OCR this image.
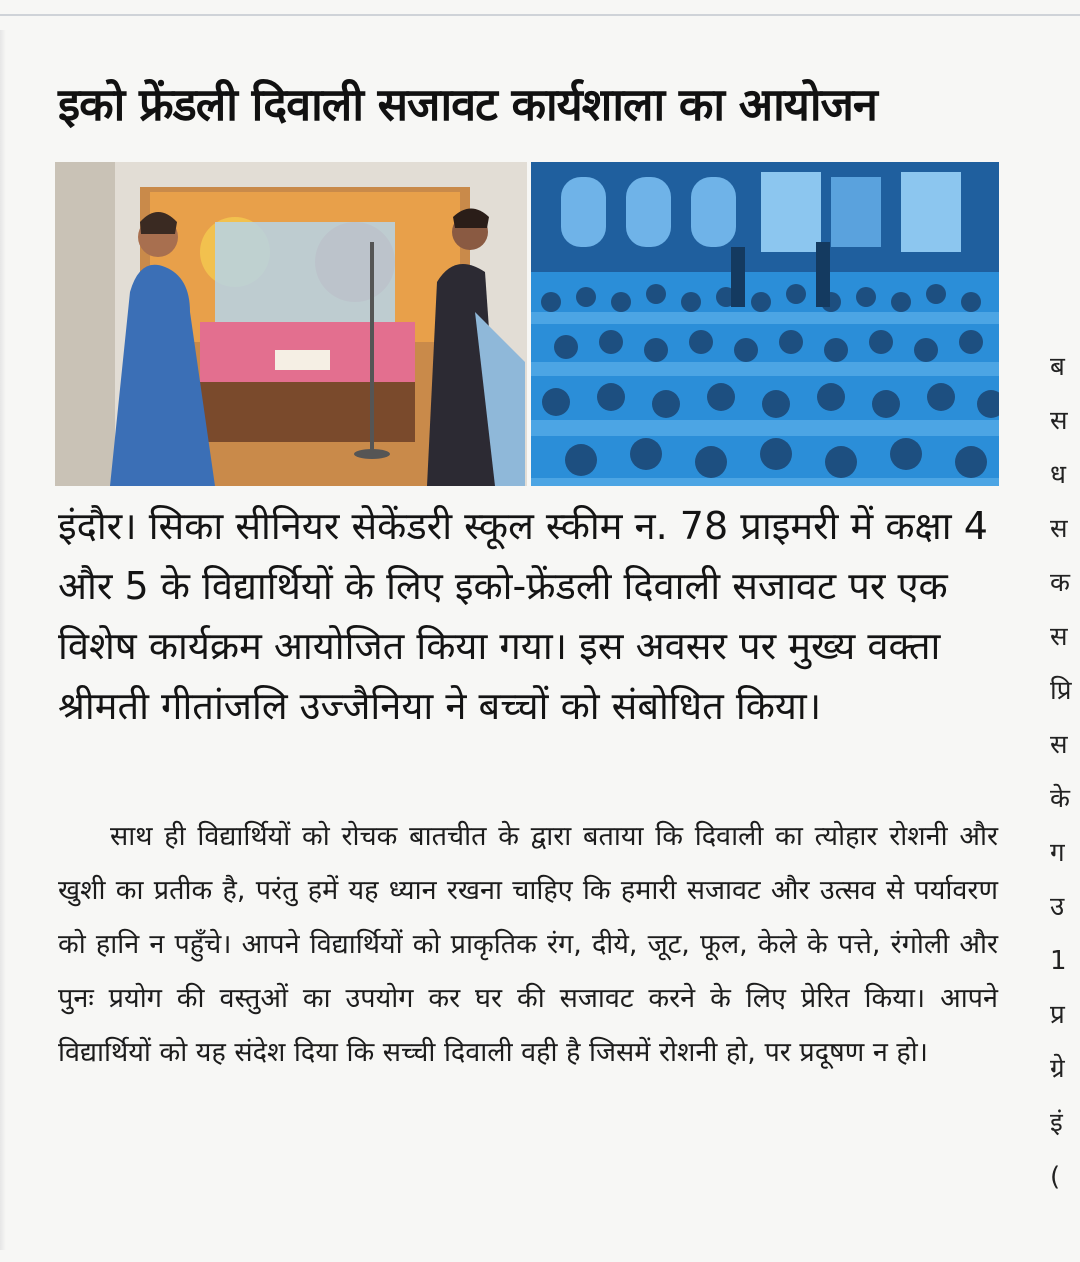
इको फ्रेंडली दिवाली सजावट कार्यशाला का आयोजन

इंदौर। सिका सीनियर सेकेंडरी स्कूल स्कीम न. 78 प्राइमरी में कक्षा 4 और 5 के विद्यार्थियों के लिए इको-फ्रेंडली दिवाली सजावट पर एक विशेष कार्यक्रम आयोजित किया गया। इस अवसर पर मुख्य वक्ता श्रीमती गीतांजलि उज्जैनिया ने बच्चों को संबोधित किया।

साथ ही विद्यार्थियों को रोचक बातचीत के द्वारा बताया कि दिवाली का त्योहार रोशनी और खुशी का प्रतीक है, परंतु हमें यह ध्यान रखना चाहिए कि हमारी सजावट और उत्सव से पर्यावरण को हानि न पहुँचे। आपने विद्यार्थियों को प्राकृतिक रंग, दीये, जूट, फूल, केले के पत्ते, रंगोली और पुनः प्रयोग की वस्तुओं का उपयोग कर घर की सजावट करने के लिए प्रेरित किया। आपने विद्यार्थियों को यह संदेश दिया कि सच्ची दिवाली वही है जिसमें रोशनी हो, पर प्रदूषण न हो।

ब
स
ध
स
क
स
प्रि
स
के
ग
उ
1
प्र
ग्रे
इं
(
